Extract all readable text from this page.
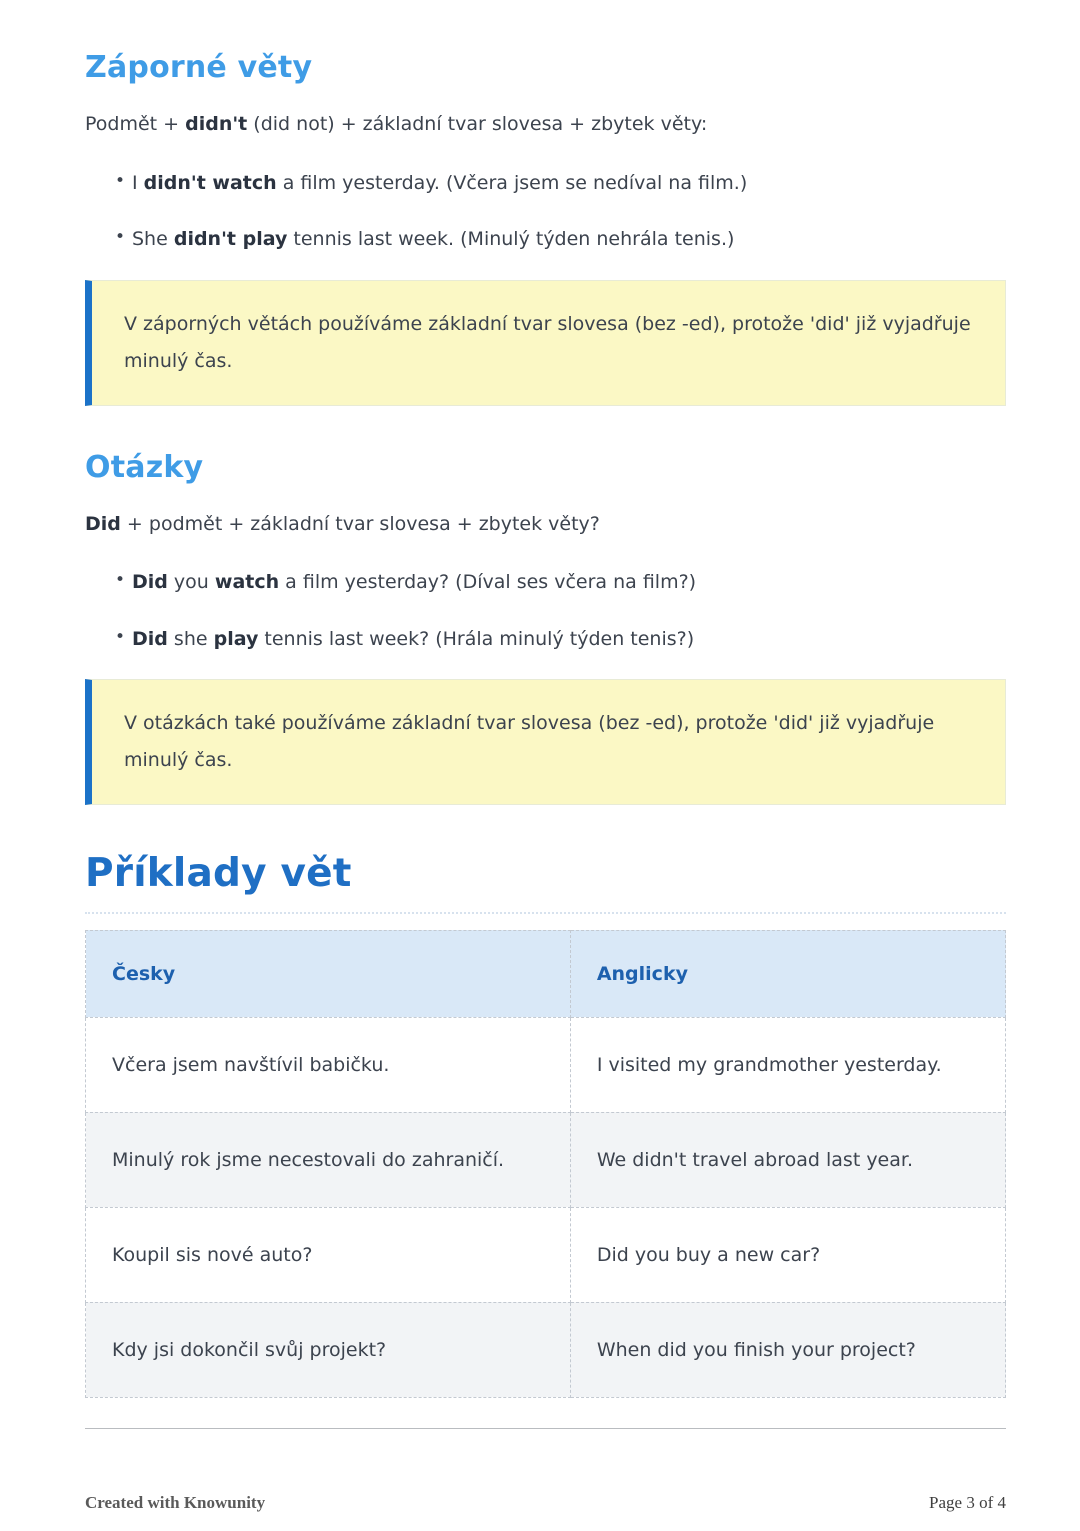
Záporné věty

Podmět + didn't (did not) + základní tvar slovesa + zbytek věty:

• I didn't watch a film yesterday. (Včera jsem se nedíval na film.)
• She didn't play tennis last week. (Minulý týden nehrála tenis.)

V záporných větách používáme základní tvar slovesa (bez -ed), protože 'did' již vyjadřuje minulý čas.

Otázky

Did + podmět + základní tvar slovesa + zbytek věty?

• Did you watch a film yesterday? (Díval ses včera na film?)
• Did she play tennis last week? (Hrála minulý týden tenis?)

V otázkách také používáme základní tvar slovesa (bez -ed), protože 'did' již vyjadřuje minulý čas.

Příklady vět
Česky	Anglicky
Včera jsem navštívil babičku.	I visited my grandmother yesterday.
Minulý rok jsme necestovali do zahraničí.	We didn't travel abroad last year.
Koupil sis nové auto?	Did you buy a new car?
Kdy jsi dokončil svůj projekt?	When did you finish your project?
Created with Knowunity	Page 3 of 4
